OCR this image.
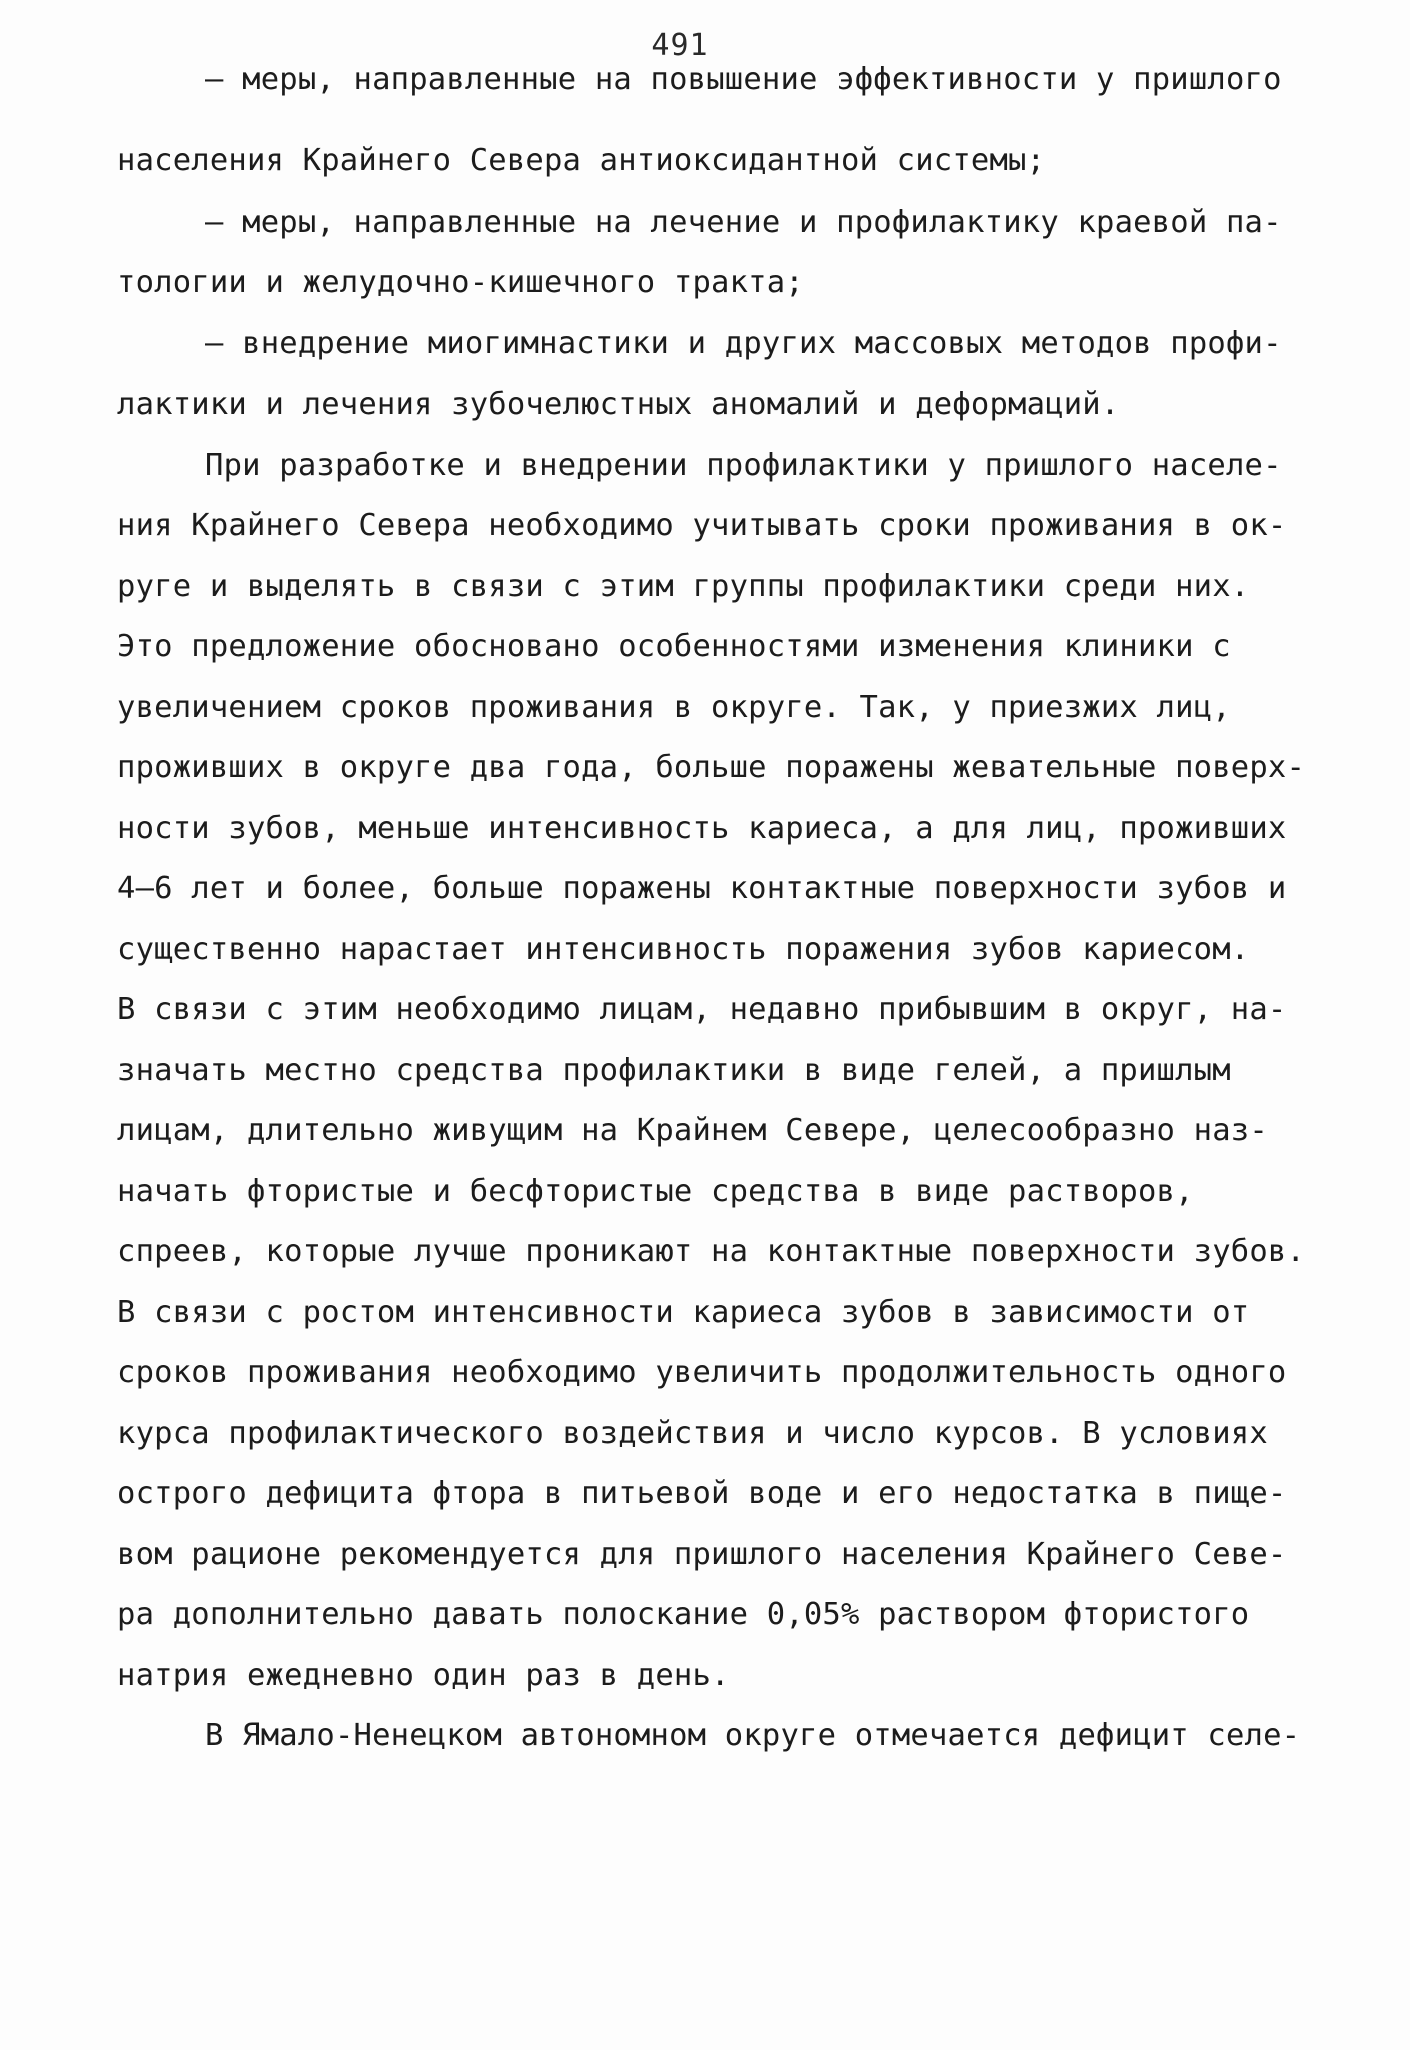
491
– меры, направленные на повышение эффективности у пришлого
населения Крайнего Севера антиоксидантной системы;
– меры, направленные на лечение и профилактику краевой па-
тологии и желудочно-кишечного тракта;
– внедрение миогимнастики и других массовых методов профи-
лактики и лечения зубочелюстных аномалий и деформаций.
При разработке и внедрении профилактики у пришлого населе-
ния Крайнего Севера необходимо учитывать сроки проживания в ок-
руге и выделять в связи с этим группы профилактики среди них.
Это предложение обосновано особенностями изменения клиники с
увеличением сроков проживания в округе. Так, у приезжих лиц,
проживших в округе два года, больше поражены жевательные поверх-
ности зубов, меньше интенсивность кариеса, а для лиц, проживших
4–6 лет и более, больше поражены контактные поверхности зубов и
существенно нарастает интенсивность поражения зубов кариесом.
В связи с этим необходимо лицам, недавно прибывшим в округ, на-
значать местно средства профилактики в виде гелей, а пришлым
лицам, длительно живущим на Крайнем Севере, целесообразно наз-
начать фтористые и бесфтористые средства в виде растворов,
спреев, которые лучше проникают на контактные поверхности зубов.
В связи с ростом интенсивности кариеса зубов в зависимости от
сроков проживания необходимо увеличить продолжительность одного
курса профилактического воздействия и число курсов. В условиях
острого дефицита фтора в питьевой воде и его недостатка в пище-
вом рационе рекомендуется для пришлого населения Крайнего Севе-
ра дополнительно давать полоскание 0,05% раствором фтористого
натрия ежедневно один раз в день.
В Ямало-Ненецком автономном округе отмечается дефицит селе-
